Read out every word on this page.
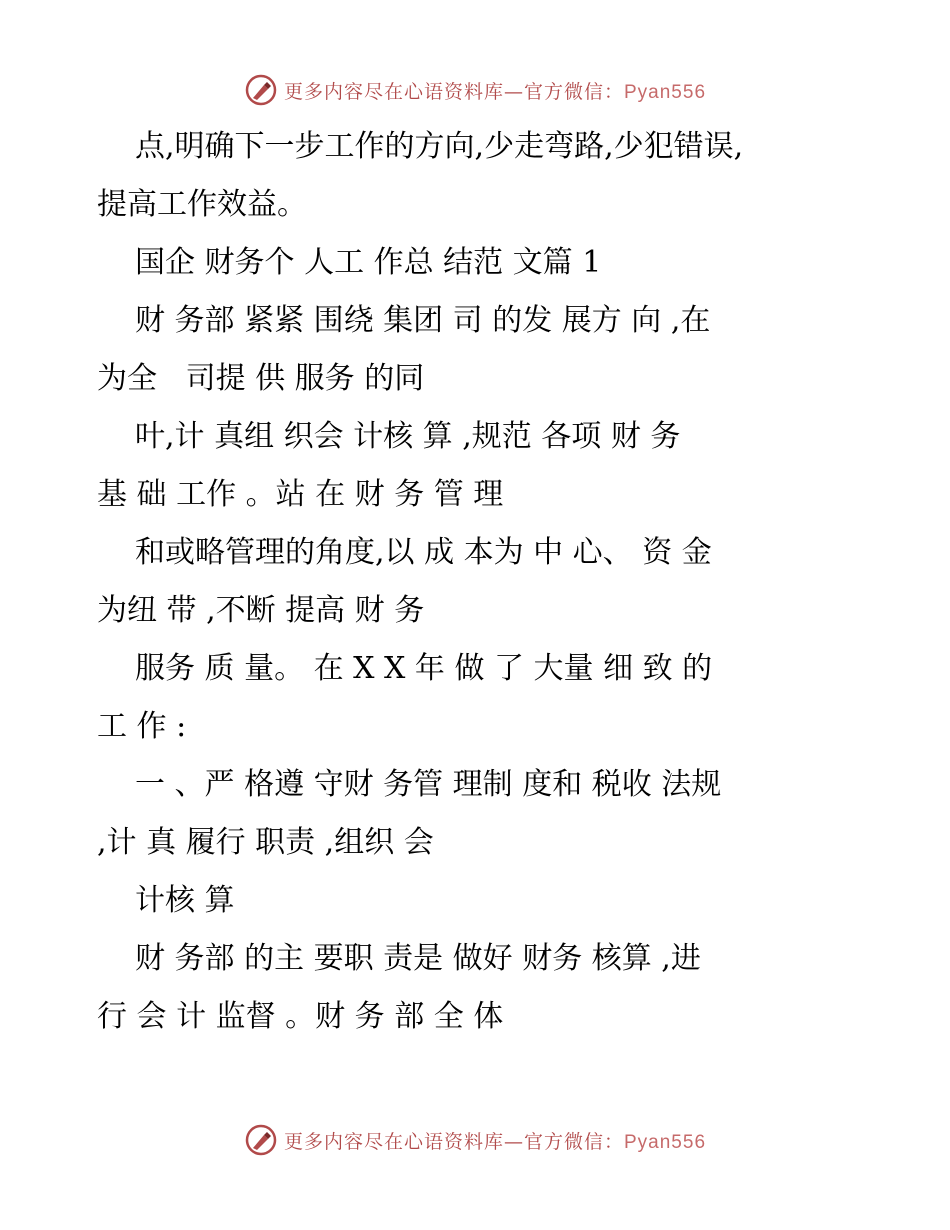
更多内容尽在心语资料库—官方微信：Pyan556
点,明确下一步工作的方向,少走弯路,少犯错误,
提高工作效益。
国企 财务个 人工 作总 结范 文篇 1
财 务部 紧紧 围绕 集团 司 的发 展方 向 ,在
为全   司提 供 服务 的同
叶,计 真组 织会 计核 算 ,规范 各项 财 务
基 础 工作 。站 在 财 务 管 理
和或略管理的角度,以 成 本为 中 心、 资 金
为纽 带 ,不断 提高 财 务
服务 质 量。 在 X X 年 做 了 大量 细 致 的
工 作 :
一 、严 格遵 守财 务管 理制 度和 税收 法规
,计 真 履行 职责 ,组织 会
计核 算
财 务部 的主 要职 责是 做好 财务 核算 ,进
行 会 计 监督 。财 务 部 全 体
更多内容尽在心语资料库—官方微信：Pyan556
